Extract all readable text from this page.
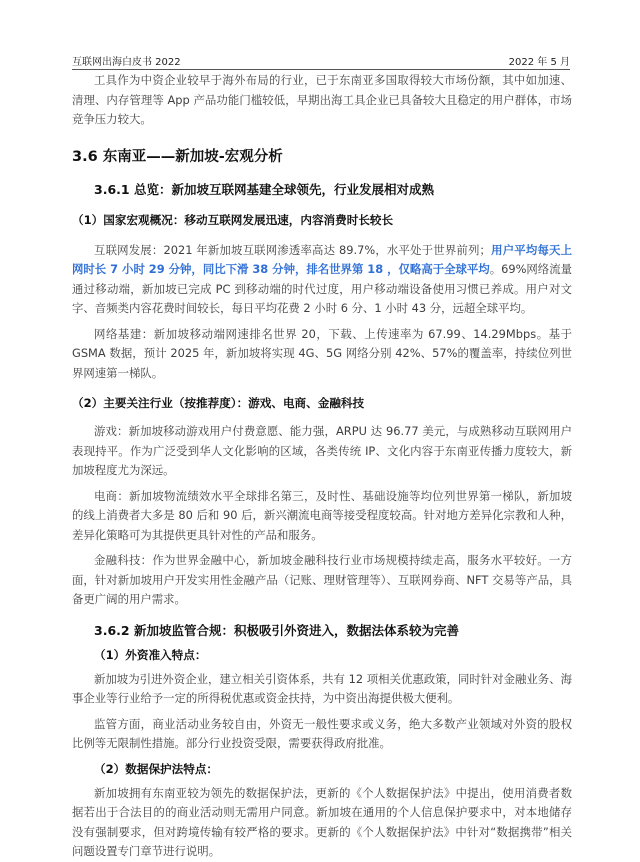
互联网出海白皮书 2022	2022 年 5 月

工具作为中资企业较早于海外布局的行业，已于东南亚多国取得较大市场份额，其中如加速、清理、内存管理等 App 产品功能门槛较低，早期出海工具企业已具备较大且稳定的用户群体，市场竞争压力较大。

3.6 东南亚——新加坡-宏观分析
3.6.1 总览：新加坡互联网基建全球领先，行业发展相对成熟
（1）国家宏观概况：移动互联网发展迅速，内容消费时长较长

互联网发展：2021 年新加坡互联网渗透率高达 89.7%，水平处于世界前列；用户平均每天上网时长 7 小时 29 分钟，同比下滑 38 分钟，排名世界第 18 ，仅略高于全球平均。69%网络流量通过移动端，新加坡已完成 PC 到移动端的时代过度，用户移动端设备使用习惯已养成。用户对文字、音频类内容花费时间较长，每日平均花费 2 小时 6 分、1 小时 43 分，远超全球平均。

网络基建：新加坡移动端网速排名世界 20，下载、上传速率为 67.99、14.29Mbps。基于 GSMA 数据，预计 2025 年，新加坡将实现 4G、5G 网络分别 42%、57%的覆盖率，持续位列世界网速第一梯队。

（2）主要关注行业（按推荐度）：游戏、电商、金融科技

游戏：新加坡移动游戏用户付费意愿、能力强，ARPU 达 96.77 美元，与成熟移动互联网用户表现持平。作为广泛受到华人文化影响的区域，各类传统 IP、文化内容于东南亚传播力度较大，新加坡程度尤为深远。

电商：新加坡物流绩效水平全球排名第三，及时性、基础设施等均位列世界第一梯队，新加坡的线上消费者大多是 80 后和 90 后，新兴潮流电商等接受程度较高。针对地方差异化宗教和人种，差异化策略可为其提供更具针对性的产品和服务。

金融科技：作为世界金融中心，新加坡金融科技行业市场规模持续走高，服务水平较好。一方面，针对新加坡用户开发实用性金融产品（记账、理财管理等）、互联网券商、NFT 交易等产品，具备更广阔的用户需求。

3.6.2 新加坡监管合规：积极吸引外资进入，数据法体系较为完善
（1）外资准入特点：

新加坡为引进外资企业，建立相关引资体系，共有 12 项相关优惠政策，同时针对金融业务、海事企业等行业给予一定的所得税优惠或资金扶持，为中资出海提供极大便利。

监管方面，商业活动业务较自由，外资无一般性要求或义务，绝大多数产业领域对外资的股权比例等无限制性措施。部分行业投资受限，需要获得政府批准。

（2）数据保护法特点：

新加坡拥有东南亚较为领先的数据保护法，更新的《个人数据保护法》中提出，使用消费者数据若出于合法目的的商业活动则无需用户同意。新加坡在通用的个人信息保护要求中，对本地储存没有强制要求，但对跨境传输有较严格的要求。更新的《个人数据保护法》中针对“数据携带”相关问题设置专门章节进行说明。
